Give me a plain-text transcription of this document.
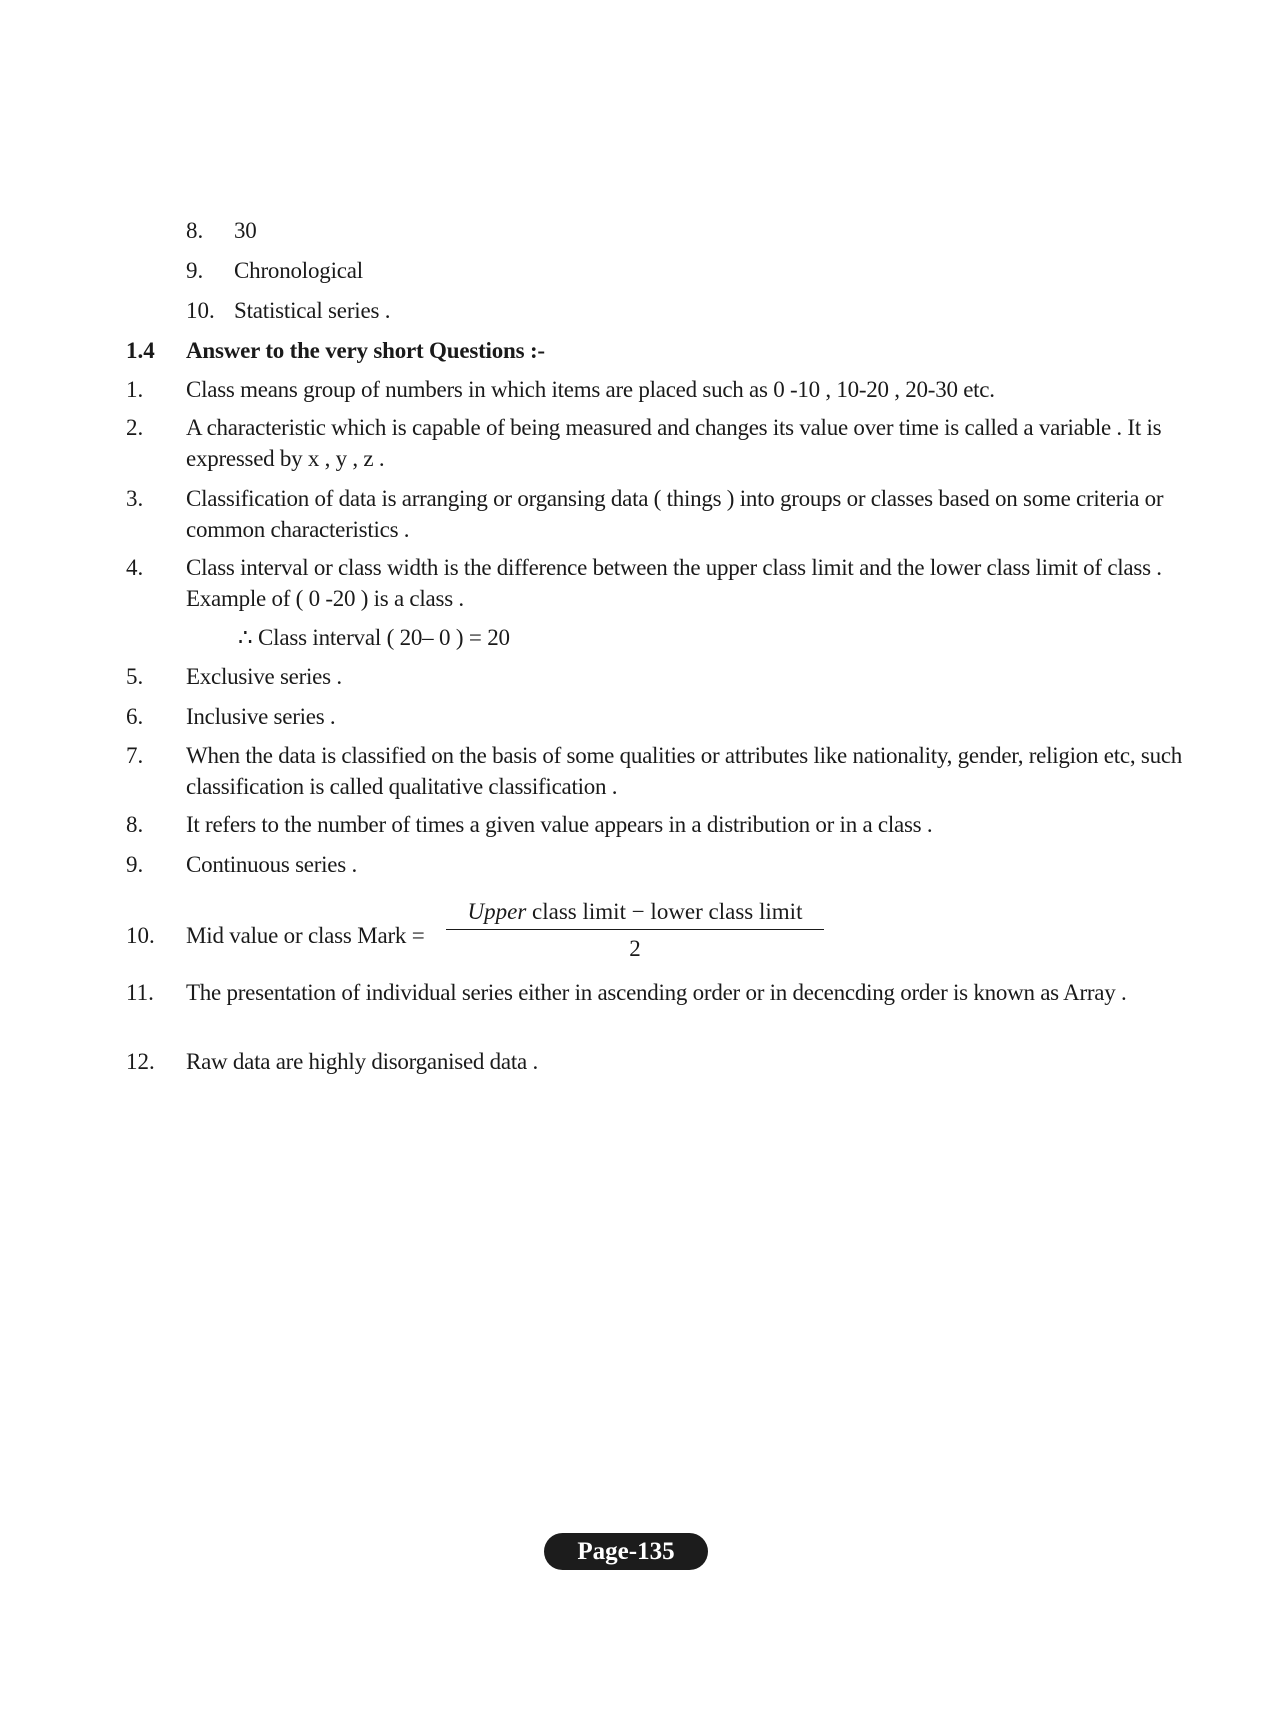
8. 30
9. Chronological
10. Statistical series .
1.4 Answer to the very short Questions :-
1. Class means group of numbers in which items are placed such as 0 -10 , 10-20 , 20-30 etc.
2. A characteristic which is capable of being measured and changes its value over time is called a variable . It is expressed by x , y , z .
3. Classification of data is arranging or organsing data ( things ) into groups or classes based on some criteria or common characteristics .
4. Class interval or class width is the difference between the upper class limit and the lower class limit of class . Example of ( 0 -20 ) is a class .
∴ Class interval ( 20– 0 ) = 20
5. Exclusive series .
6. Inclusive series .
7. When the data is classified on the basis of some qualities or attributes like nationality, gender, religion etc, such classification is called qualitative classification .
8. It refers to the number of times a given value appears in a distribution or in a class .
9. Continuous series .
10. Mid value or class Mark =
Upper class limit − lower class limit
2
11. The presentation of individual series either in ascending order or in decencding order is known as Array .
12. Raw data are highly disorganised data .
Page-135
